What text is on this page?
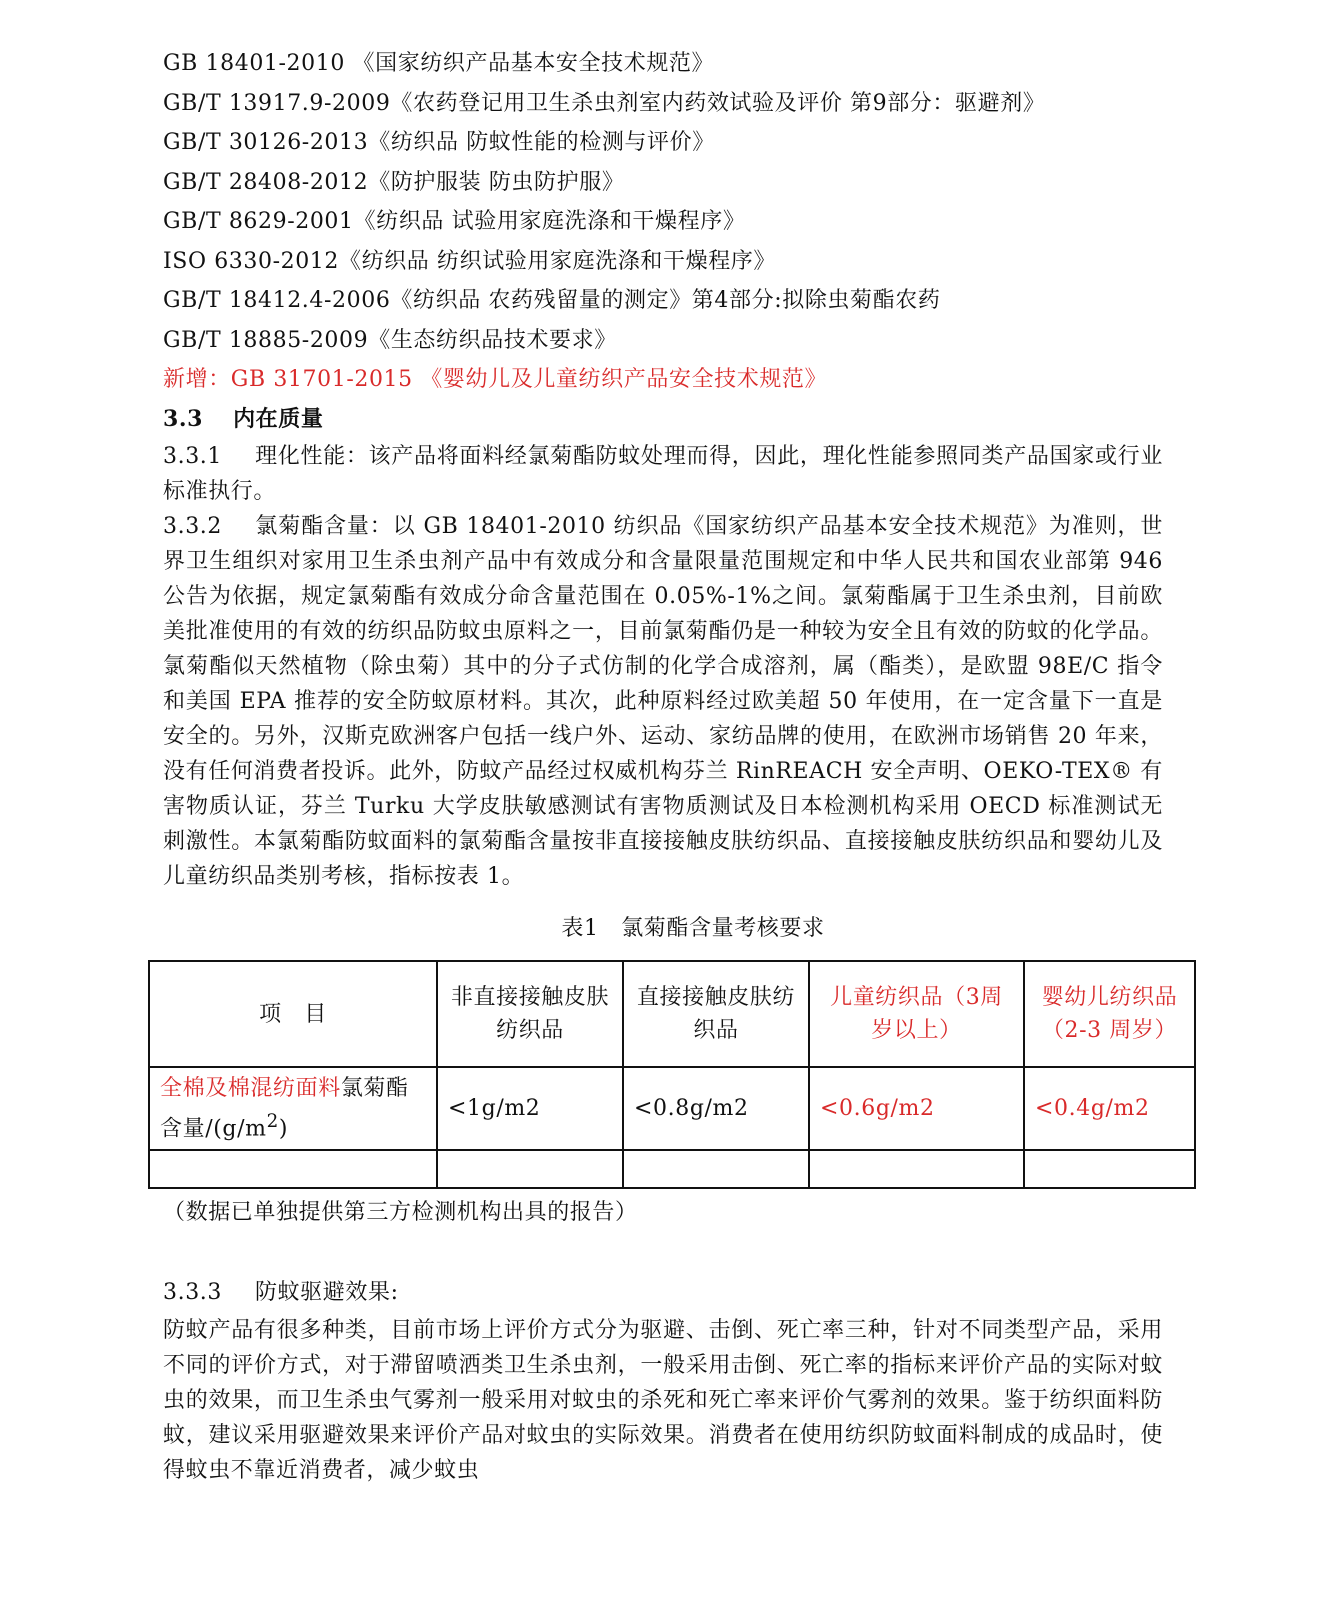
GB 18401-2010 《国家纺织产品基本安全技术规范》
GB/T 13917.9-2009《农药登记用卫生杀虫剂室内药效试验及评价 第9部分：驱避剂》
GB/T 30126-2013《纺织品 防蚊性能的检测与评价》
GB/T 28408-2012《防护服装 防虫防护服》
GB/T 8629-2001《纺织品 试验用家庭洗涤和干燥程序》
ISO 6330-2012《纺织品 纺织试验用家庭洗涤和干燥程序》
GB/T 18412.4-2006《纺织品 农药残留量的测定》第4部分:拟除虫菊酯农药
GB/T 18885-2009《生态纺织品技术要求》
新增：GB 31701-2015 《婴幼儿及儿童纺织产品安全技术规范》
3.3 内在质量
3.3.1 理化性能：该产品将面料经氯菊酯防蚊处理而得，因此，理化性能参照同类产品国家或行业标准执行。
3.3.2 氯菊酯含量：以 GB 18401-2010 纺织品《国家纺织产品基本安全技术规范》为准则，世界卫生组织对家用卫生杀虫剂产品中有效成分和含量限量范围规定和中华人民共和国农业部第 946 公告为依据，规定氯菊酯有效成分命含量范围在 0.05%-1%之间。氯菊酯属于卫生杀虫剂，目前欧美批准使用的有效的纺织品防蚊虫原料之一，目前氯菊酯仍是一种较为安全且有效的防蚊的化学品。氯菊酯似天然植物（除虫菊）其中的分子式仿制的化学合成溶剂，属（酯类），是欧盟 98E/C 指令和美国 EPA 推荐的安全防蚊原材料。其次，此种原料经过欧美超 50 年使用，在一定含量下一直是安全的。另外，汉斯克欧洲客户包括一线户外、运动、家纺品牌的使用，在欧洲市场销售 20 年来，没有任何消费者投诉。此外，防蚊产品经过权威机构芬兰 RinREACH 安全声明、OEKO-TEX® 有害物质认证，芬兰 Turku 大学皮肤敏感测试有害物质测试及日本检测机构采用 OECD 标准测试无刺激性。本氯菊酯防蚊面料的氯菊酯含量按非直接接触皮肤纺织品、直接接触皮肤纺织品和婴幼儿及儿童纺织品类别考核，指标按表 1。
表1　氯菊酯含量考核要求
项　目	非直接接触皮肤纺织品	直接接触皮肤纺织品	儿童纺织品（3周岁以上）	婴幼儿纺织品（2-3 周岁）
全棉及棉混纺面料氯菊酯含量$/(g/m^2)$	<1g/m2	<0.8g/m2	<0.6g/m2	<0.4g/m2

（数据已单独提供第三方检测机构出具的报告）
3.3.3 防蚊驱避效果:
防蚊产品有很多种类，目前市场上评价方式分为驱避、击倒、死亡率三种，针对不同类型产品，采用不同的评价方式，对于滞留喷洒类卫生杀虫剂，一般采用击倒、死亡率的指标来评价产品的实际对蚊虫的效果，而卫生杀虫气雾剂一般采用对蚊虫的杀死和死亡率来评价气雾剂的效果。鉴于纺织面料防蚊，建议采用驱避效果来评价产品对蚊虫的实际效果。消费者在使用纺织防蚊面料制成的成品时，使得蚊虫不靠近消费者，减少蚊虫
